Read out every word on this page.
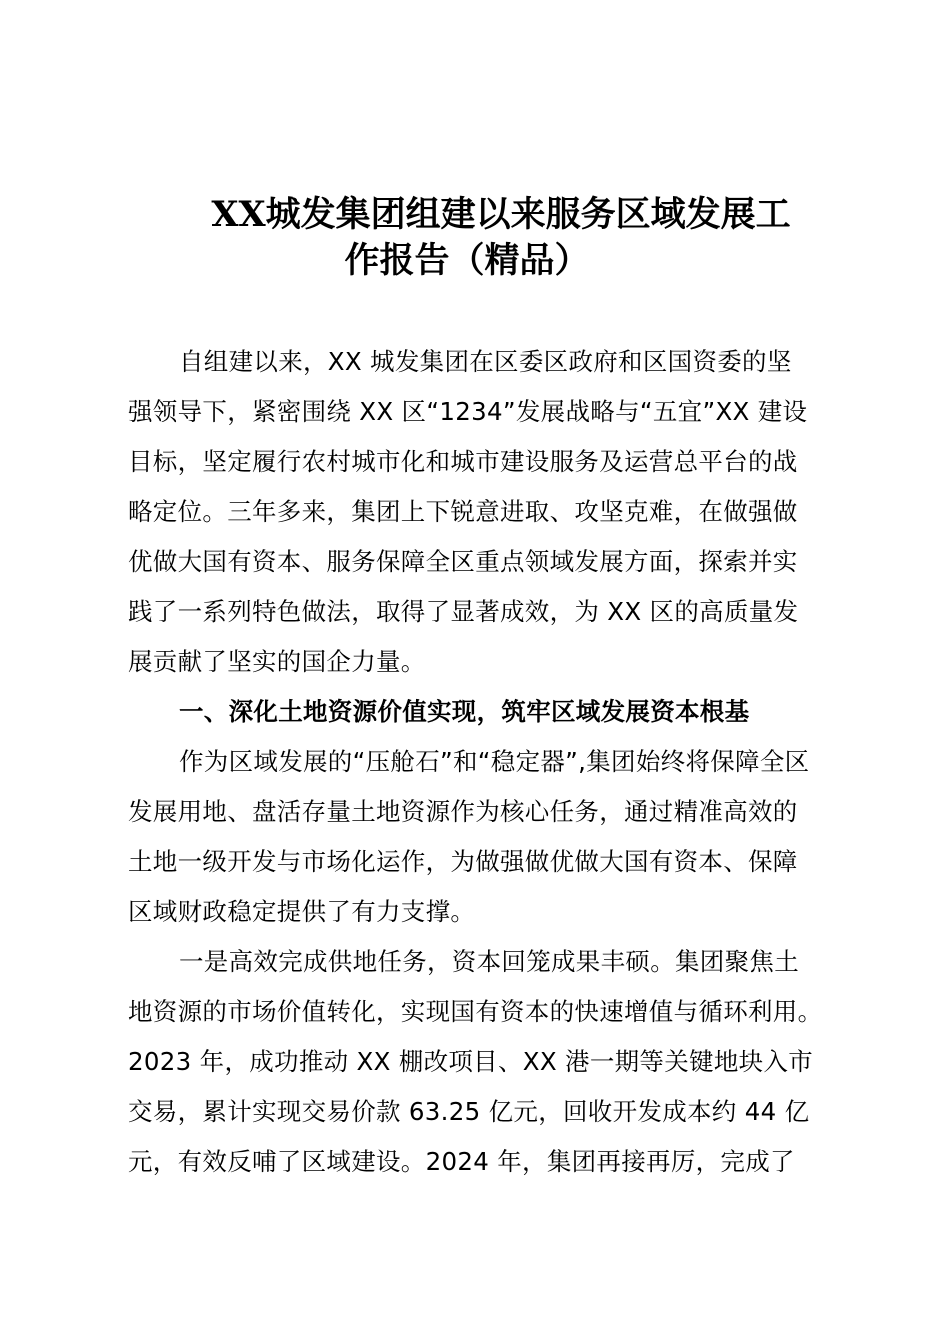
XX城发集团组建以来服务区域发展工
作报告（精品）
自组建以来，XX 城发集团在区委区政府和区国资委的坚
强领导下，紧密围绕 XX 区“1234”发展战略与“五宜”XX 建设
目标，坚定履行农村城市化和城市建设服务及运营总平台的战
略定位。三年多来，集团上下锐意进取、攻坚克难，在做强做
优做大国有资本、服务保障全区重点领域发展方面，探索并实
践了一系列特色做法，取得了显著成效，为 XX 区的高质量发
展贡献了坚实的国企力量。
一、深化土地资源价值实现，筑牢区域发展资本根基
作为区域发展的“压舱石”和“稳定器”,集团始终将保障全区
发展用地、盘活存量土地资源作为核心任务，通过精准高效的
土地一级开发与市场化运作，为做强做优做大国有资本、保障
区域财政稳定提供了有力支撑。
一是高效完成供地任务，资本回笼成果丰硕。集团聚焦土
地资源的市场价值转化，实现国有资本的快速增值与循环利用。
2023 年，成功推动 XX 棚改项目、XX 港一期等关键地块入市
交易，累计实现交易价款 63.25 亿元，回收开发成本约 44 亿
元，有效反哺了区域建设。2024 年，集团再接再厉，完成了
